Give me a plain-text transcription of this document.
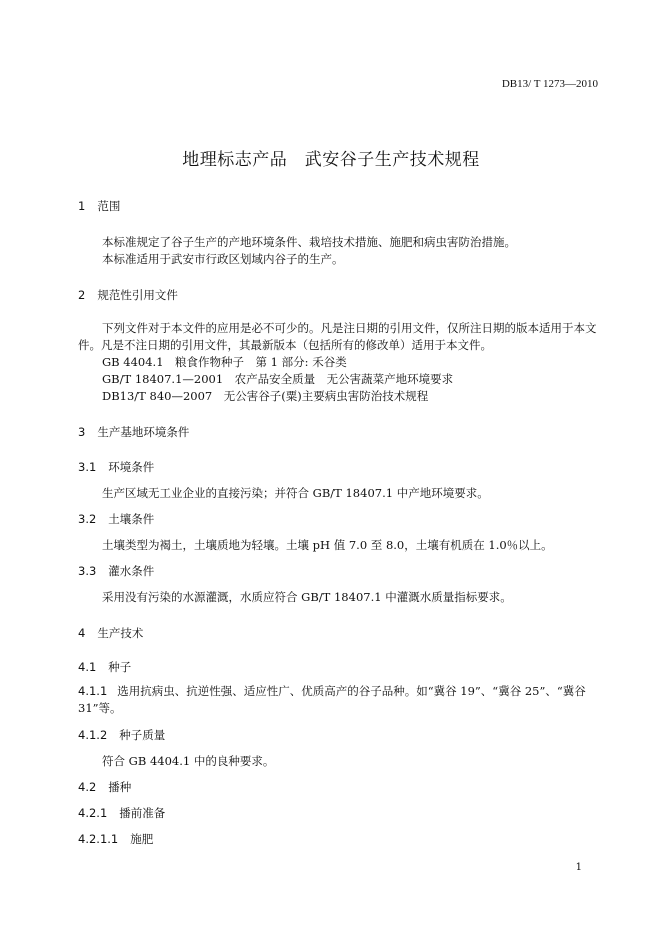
DB13/ T 1273—2010
地理标志产品　武安谷子生产技术规程
1 范围
本标准规定了谷子生产的产地环境条件、栽培技术措施、施肥和病虫害防治措施。
本标准适用于武安市行政区划域内谷子的生产。
2 规范性引用文件
下列文件对于本文件的应用是必不可少的。凡是注日期的引用文件，仅所注日期的版本适用于本文件。凡是不注日期的引用文件，其最新版本（包括所有的修改单）适用于本文件。
GB 4404.1　粮食作物种子　第 1 部分: 禾谷类
GB/T 18407.1—2001　农产品安全质量　无公害蔬菜产地环境要求
DB13/T 840—2007　无公害谷子(粟)主要病虫害防治技术规程
3 生产基地环境条件
3.1 环境条件
生产区域无工业企业的直接污染；并符合 GB/T 18407.1 中产地环境要求。
3.2 土壤条件
土壤类型为褐土，土壤质地为轻壤。土壤 pH 值 7.0 至 8.0，土壤有机质在 1.0％以上。
3.3 灌水条件
采用没有污染的水源灌溉，水质应符合 GB/T 18407.1 中灌溉水质量指标要求。
4 生产技术
4.1 种子
4.1.1 选用抗病虫、抗逆性强、适应性广、优质高产的谷子品种。如“冀谷 19”、“冀谷 25”、“冀谷 31”等。
4.1.2 种子质量
符合 GB 4404.1 中的良种要求。
4.2 播种
4.2.1 播前准备
4.2.1.1 施肥
1
